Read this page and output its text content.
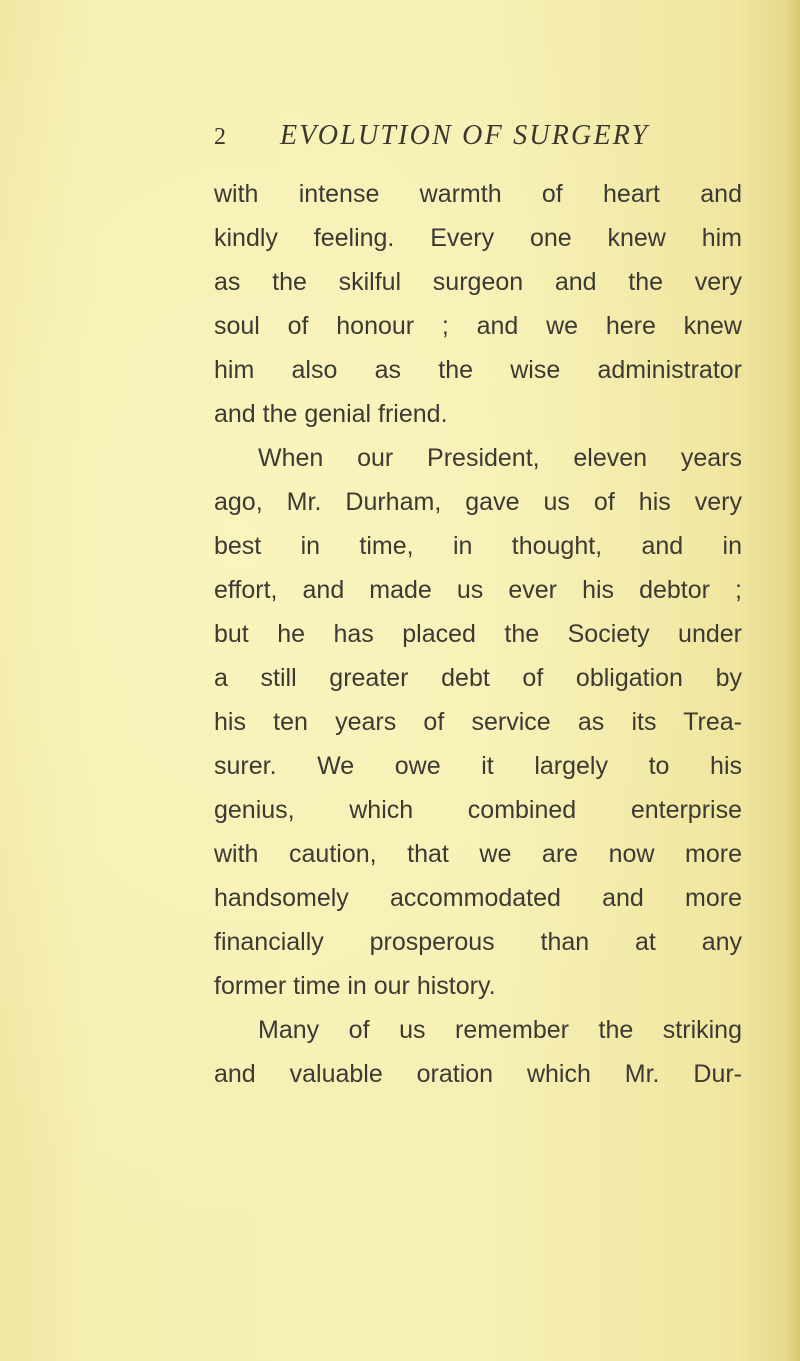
2 EVOLUTION OF SURGERY
with intense warmth of heart and
kindly feeling. Every one knew him
as the skilful surgeon and the very
soul of honour ; and we here knew
him also as the wise administrator
and the genial friend.
When our President, eleven years
ago, Mr. Durham, gave us of his very
best in time, in thought, and in
effort, and made us ever his debtor ;
but he has placed the Society under
a still greater debt of obligation by
his ten years of service as its Trea-
surer. We owe it largely to his
genius, which combined enterprise
with caution, that we are now more
handsomely accommodated and more
financially prosperous than at any
former time in our history.
Many of us remember the striking
and valuable oration which Mr. Dur-
